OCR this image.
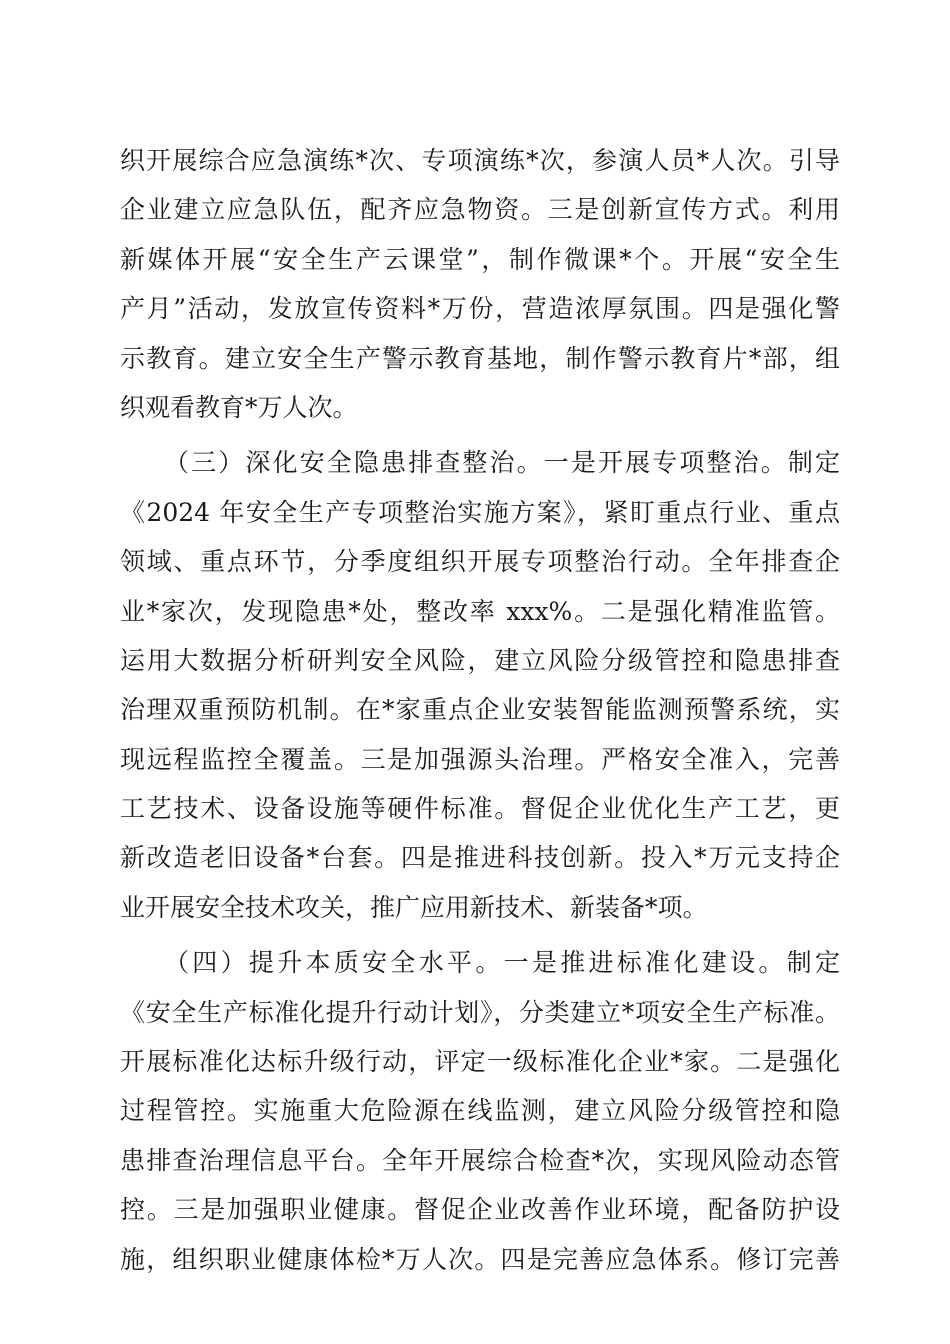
织开展综合应急演练*次、专项演练*次，参演人员*人次。引导
企业建立应急队伍，配齐应急物资。三是创新宣传方式。利用
新媒体开展“安全生产云课堂”，制作微课*个。开展“安全生
产月”活动，发放宣传资料*万份，营造浓厚氛围。四是强化警
示教育。建立安全生产警示教育基地，制作警示教育片*部，组
织观看教育*万人次。
（三）深化安全隐患排查整治。一是开展专项整治。制定
《2024 年安全生产专项整治实施方案》，紧盯重点行业、重点
领域、重点环节，分季度组织开展专项整治行动。全年排查企
业*家次，发现隐患*处，整改率 xxx%。二是强化精准监管。
运用大数据分析研判安全风险，建立风险分级管控和隐患排查
治理双重预防机制。在*家重点企业安装智能监测预警系统，实
现远程监控全覆盖。三是加强源头治理。严格安全准入，完善
工艺技术、设备设施等硬件标准。督促企业优化生产工艺，更
新改造老旧设备*台套。四是推进科技创新。投入*万元支持企
业开展安全技术攻关，推广应用新技术、新装备*项。
（四）提升本质安全水平。一是推进标准化建设。制定
《安全生产标准化提升行动计划》，分类建立*项安全生产标准。
开展标准化达标升级行动，评定一级标准化企业*家。二是强化
过程管控。实施重大危险源在线监测，建立风险分级管控和隐
患排查治理信息平台。全年开展综合检查*次，实现风险动态管
控。三是加强职业健康。督促企业改善作业环境，配备防护设
施，组织职业健康体检*万人次。四是完善应急体系。修订完善
